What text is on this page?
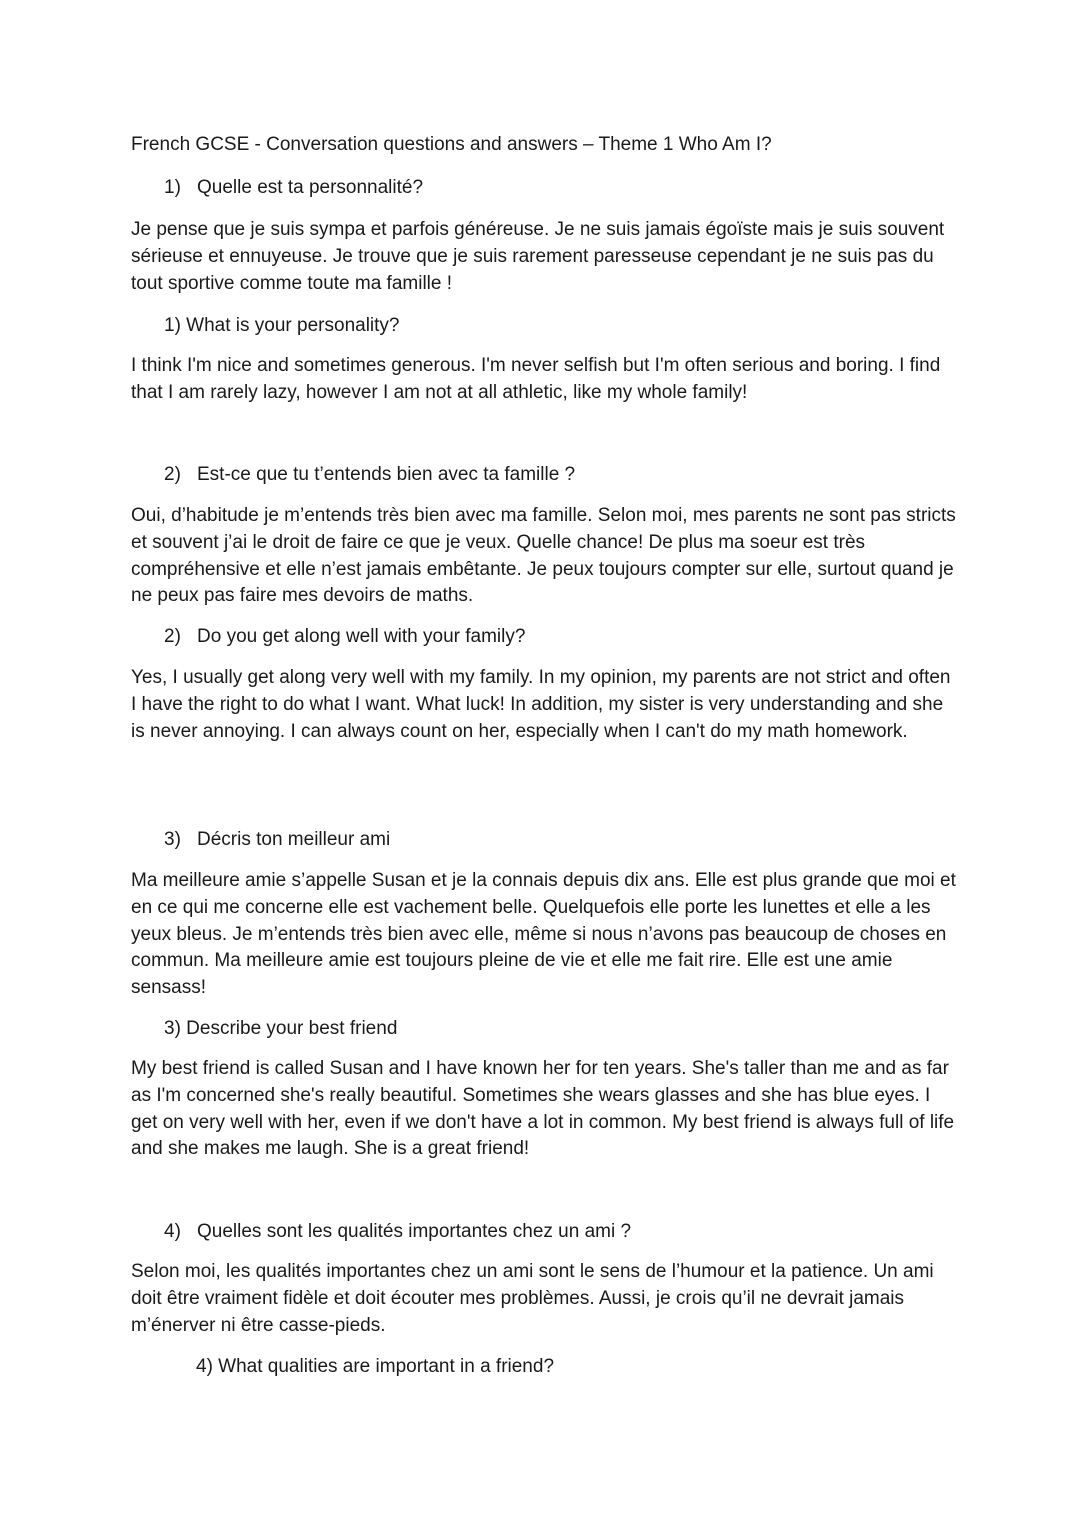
French GCSE - Conversation questions and answers – Theme 1 Who Am I?
1) Quelle est ta personnalité?
Je pense que je suis sympa et parfois généreuse. Je ne suis jamais égoïste mais je suis souvent sérieuse et ennuyeuse. Je trouve que je suis rarement paresseuse cependant je ne suis pas du tout sportive comme toute ma famille !
1) What is your personality?
I think I'm nice and sometimes generous. I'm never selfish but I'm often serious and boring. I find that I am rarely lazy, however I am not at all athletic, like my whole family!
2) Est-ce que tu t’entends bien avec ta famille ?
Oui, d’habitude je m’entends très bien avec ma famille. Selon moi, mes parents ne sont pas stricts et souvent j’ai le droit de faire ce que je veux. Quelle chance! De plus ma soeur est très compréhensive et elle n’est jamais embêtante. Je peux toujours compter sur elle, surtout quand je ne peux pas faire mes devoirs de maths.
2) Do you get along well with your family?
Yes, I usually get along very well with my family. In my opinion, my parents are not strict and often I have the right to do what I want. What luck! In addition, my sister is very understanding and she is never annoying. I can always count on her, especially when I can't do my math homework.
3) Décris ton meilleur ami
Ma meilleure amie s’appelle Susan et je la connais depuis dix ans. Elle est plus grande que moi et en ce qui me concerne elle est vachement belle. Quelquefois elle porte les lunettes et elle a les yeux bleus. Je m’entends très bien avec elle, même si nous n’avons pas beaucoup de choses en commun. Ma meilleure amie est toujours pleine de vie et elle me fait rire. Elle est une amie sensass!
3) Describe your best friend
My best friend is called Susan and I have known her for ten years. She's taller than me and as far as I'm concerned she's really beautiful. Sometimes she wears glasses and she has blue eyes. I get on very well with her, even if we don't have a lot in common. My best friend is always full of life and she makes me laugh. She is a great friend!
4) Quelles sont les qualités importantes chez un ami ?
Selon moi, les qualités importantes chez un ami sont le sens de l’humour et la patience. Un ami doit être vraiment fidèle et doit écouter mes problèmes. Aussi, je crois qu’il ne devrait jamais m’énerver ni être casse-pieds.
4) What qualities are important in a friend?
